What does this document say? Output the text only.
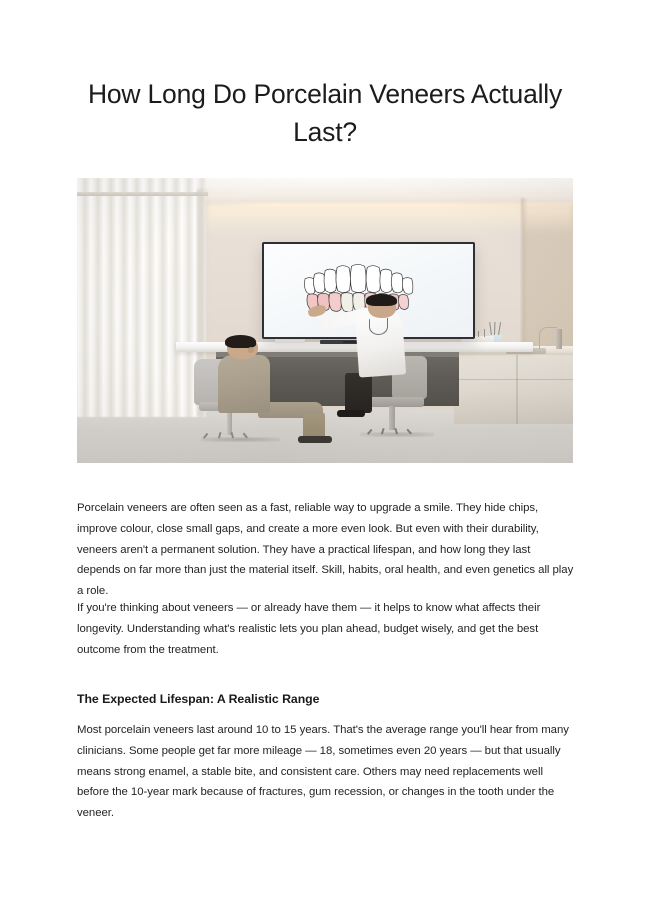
How Long Do Porcelain Veneers Actually Last?

Porcelain veneers are often seen as a fast, reliable way to upgrade a smile. They hide chips, improve colour, close small gaps, and create a more even look. But even with their durability, veneers aren't a permanent solution. They have a practical lifespan, and how long they last depends on far more than just the material itself. Skill, habits, oral health, and even genetics all play a role.

If you're thinking about veneers — or already have them — it helps to know what affects their longevity. Understanding what's realistic lets you plan ahead, budget wisely, and get the best outcome from the treatment.

The Expected Lifespan: A Realistic Range

Most porcelain veneers last around 10 to 15 years. That's the average range you'll hear from many clinicians. Some people get far more mileage — 18, sometimes even 20 years — but that usually means strong enamel, a stable bite, and consistent care. Others may need replacements well before the 10-year mark because of fractures, gum recession, or changes in the tooth under the veneer.
